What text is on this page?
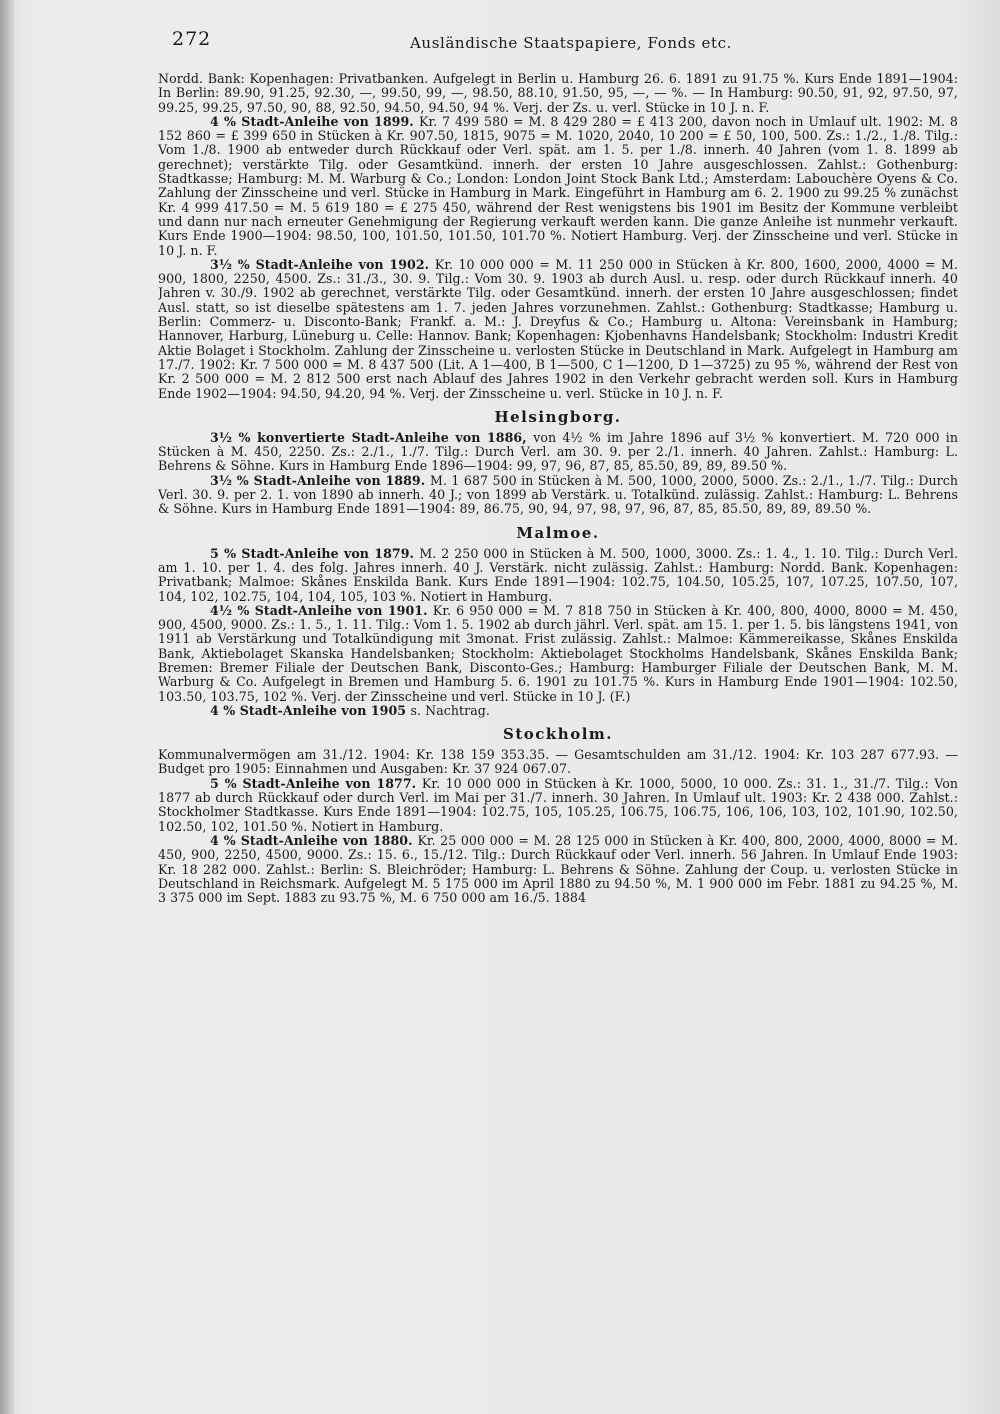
272	Ausländische Staatspapiere, Fonds etc.

Nordd. Bank: Kopenhagen: Privatbanken. Aufgelegt in Berlin u. Hamburg 26. 6. 1891 zu 91.75 %. Kurs Ende 1891—1904: In Berlin: 89.90, 91.25, 92.30, —, 99.50, 99, —, 98.50, 88.10, 91.50, 95, —, — %. — In Hamburg: 90.50, 91, 92, 97.50, 97, 99.25, 99.25, 97.50, 90, 88, 92.50, 94.50, 94.50, 94 %. Verj. der Zs. u. verl. Stücke in 10 J. n. F.

4 % Stadt-Anleihe von 1899. Kr. 7 499 580 = M. 8 429 280 = £ 413 200, davon noch in Umlauf ult. 1902: M. 8 152 860 = £ 399 650 in Stücken à Kr. 907.50, 1815, 9075 = M. 1020, 2040, 10 200 = £ 50, 100, 500. Zs.: 1./2., 1./8. Tilg.: Vom 1./8. 1900 ab entweder durch Rückkauf oder Verl. spät. am 1. 5. per 1./8. innerh. 40 Jahren (vom 1. 8. 1899 ab gerechnet); verstärkte Tilg. oder Gesamtkünd. innerh. der ersten 10 Jahre ausgeschlossen. Zahlst.: Gothenburg: Stadtkasse; Hamburg: M. M. Warburg & Co.; London: London Joint Stock Bank Ltd.; Amsterdam: Labouchère Oyens & Co. Zahlung der Zinsscheine und verl. Stücke in Hamburg in Mark. Eingeführt in Hamburg am 6. 2. 1900 zu 99.25 % zunächst Kr. 4 999 417.50 = M. 5 619 180 = £ 275 450, während der Rest wenigstens bis 1901 im Besitz der Kommune verbleibt und dann nur nach erneuter Genehmigung der Regierung verkauft werden kann. Die ganze Anleihe ist nunmehr verkauft. Kurs Ende 1900—1904: 98.50, 100, 101.50, 101.50, 101.70 %. Notiert Hamburg. Verj. der Zinsscheine und verl. Stücke in 10 J. n. F.

3½ % Stadt-Anleihe von 1902. Kr. 10 000 000 = M. 11 250 000 in Stücken à Kr. 800, 1600, 2000, 4000 = M. 900, 1800, 2250, 4500. Zs.: 31./3., 30. 9. Tilg.: Vom 30. 9. 1903 ab durch Ausl. u. resp. oder durch Rückkauf innerh. 40 Jahren v. 30./9. 1902 ab gerechnet, verstärkte Tilg. oder Gesamtkünd. innerh. der ersten 10 Jahre ausgeschlossen; findet Ausl. statt, so ist dieselbe spätestens am 1. 7. jeden Jahres vorzunehmen. Zahlst.: Gothenburg: Stadtkasse; Hamburg u. Berlin: Commerz- u. Disconto-Bank; Frankf. a. M.: J. Dreyfus & Co.; Hamburg u. Altona: Vereinsbank in Hamburg; Hannover, Harburg, Lüneburg u. Celle: Hannov. Bank; Kopenhagen: Kjobenhavns Handelsbank; Stockholm: Industri Kredit Aktie Bolaget i Stockholm. Zahlung der Zinsscheine u. verlosten Stücke in Deutschland in Mark. Aufgelegt in Hamburg am 17./7. 1902: Kr. 7 500 000 = M. 8 437 500 (Lit. A 1—400, B 1—500, C 1—1200, D 1—3725) zu 95 %, während der Rest von Kr. 2 500 000 = M. 2 812 500 erst nach Ablauf des Jahres 1902 in den Verkehr gebracht werden soll. Kurs in Hamburg Ende 1902—1904: 94.50, 94.20, 94 %. Verj. der Zinsscheine u. verl. Stücke in 10 J. n. F.

Helsingborg.

3½ % konvertierte Stadt-Anleihe von 1886, von 4½ % im Jahre 1896 auf 3½ % konvertiert. M. 720 000 in Stücken à M. 450, 2250. Zs.: 2./1., 1./7. Tilg.: Durch Verl. am 30. 9. per 2./1. innerh. 40 Jahren. Zahlst.: Hamburg: L. Behrens & Söhne. Kurs in Hamburg Ende 1896—1904: 99, 97, 96, 87, 85, 85.50, 89, 89, 89.50 %.

3½ % Stadt-Anleihe von 1889. M. 1 687 500 in Stücken à M. 500, 1000, 2000, 5000. Zs.: 2./1., 1./7. Tilg.: Durch Verl. 30. 9. per 2. 1. von 1890 ab innerh. 40 J.; von 1899 ab Verstärk. u. Totalkünd. zulässig. Zahlst.: Hamburg: L. Behrens & Söhne. Kurs in Hamburg Ende 1891—1904: 89, 86.75, 90, 94, 97, 98, 97, 96, 87, 85, 85.50, 89, 89, 89.50 %.

Malmoe.

5 % Stadt-Anleihe von 1879. M. 2 250 000 in Stücken à M. 500, 1000, 3000. Zs.: 1. 4., 1. 10. Tilg.: Durch Verl. am 1. 10. per 1. 4. des folg. Jahres innerh. 40 J. Verstärk. nicht zulässig. Zahlst.: Hamburg: Nordd. Bank. Kopenhagen: Privatbank; Malmoe: Skånes Enskilda Bank. Kurs Ende 1891—1904: 102.75, 104.50, 105.25, 107, 107.25, 107.50, 107, 104, 102, 102.75, 104, 104, 105, 103 %. Notiert in Hamburg.

4½ % Stadt-Anleihe von 1901. Kr. 6 950 000 = M. 7 818 750 in Stücken à Kr. 400, 800, 4000, 8000 = M. 450, 900, 4500, 9000. Zs.: 1. 5., 1. 11. Tilg.: Vom 1. 5. 1902 ab durch jährl. Verl. spät. am 15. 1. per 1. 5. bis längstens 1941, von 1911 ab Verstärkung und Totalkündigung mit 3monat. Frist zulässig. Zahlst.: Malmoe: Kämmereikasse, Skånes Enskilda Bank, Aktiebolaget Skanska Handelsbanken; Stockholm: Aktiebolaget Stockholms Handelsbank, Skånes Enskilda Bank; Bremen: Bremer Filiale der Deutschen Bank, Disconto-Ges.; Hamburg: Hamburger Filiale der Deutschen Bank, M. M. Warburg & Co. Aufgelegt in Bremen und Hamburg 5. 6. 1901 zu 101.75 %. Kurs in Hamburg Ende 1901—1904: 102.50, 103.50, 103.75, 102 %. Verj. der Zinsscheine und verl. Stücke in 10 J. (F.)

4 % Stadt-Anleihe von 1905 s. Nachtrag.

Stockholm.

Kommunalvermögen am 31./12. 1904: Kr. 138 159 353.35. — Gesamtschulden am 31./12. 1904: Kr. 103 287 677.93. — Budget pro 1905: Einnahmen und Ausgaben: Kr. 37 924 067.07.

5 % Stadt-Anleihe von 1877. Kr. 10 000 000 in Stücken à Kr. 1000, 5000, 10 000. Zs.: 31. 1., 31./7. Tilg.: Von 1877 ab durch Rückkauf oder durch Verl. im Mai per 31./7. innerh. 30 Jahren. In Umlauf ult. 1903: Kr. 2 438 000. Zahlst.: Stockholmer Stadtkasse. Kurs Ende 1891—1904: 102.75, 105, 105.25, 106.75, 106.75, 106, 106, 103, 102, 101.90, 102.50, 102.50, 102, 101.50 %. Notiert in Hamburg.

4 % Stadt-Anleihe von 1880. Kr. 25 000 000 = M. 28 125 000 in Stücken à Kr. 400, 800, 2000, 4000, 8000 = M. 450, 900, 2250, 4500, 9000. Zs.: 15. 6., 15./12. Tilg.: Durch Rückkauf oder Verl. innerh. 56 Jahren. In Umlauf Ende 1903: Kr. 18 282 000. Zahlst.: Berlin: S. Bleichröder; Hamburg: L. Behrens & Söhne. Zahlung der Coup. u. verlosten Stücke in Deutschland in Reichsmark. Aufgelegt M. 5 175 000 im April 1880 zu 94.50 %, M. 1 900 000 im Febr. 1881 zu 94.25 %, M. 3 375 000 im Sept. 1883 zu 93.75 %, M. 6 750 000 am 16./5. 1884
